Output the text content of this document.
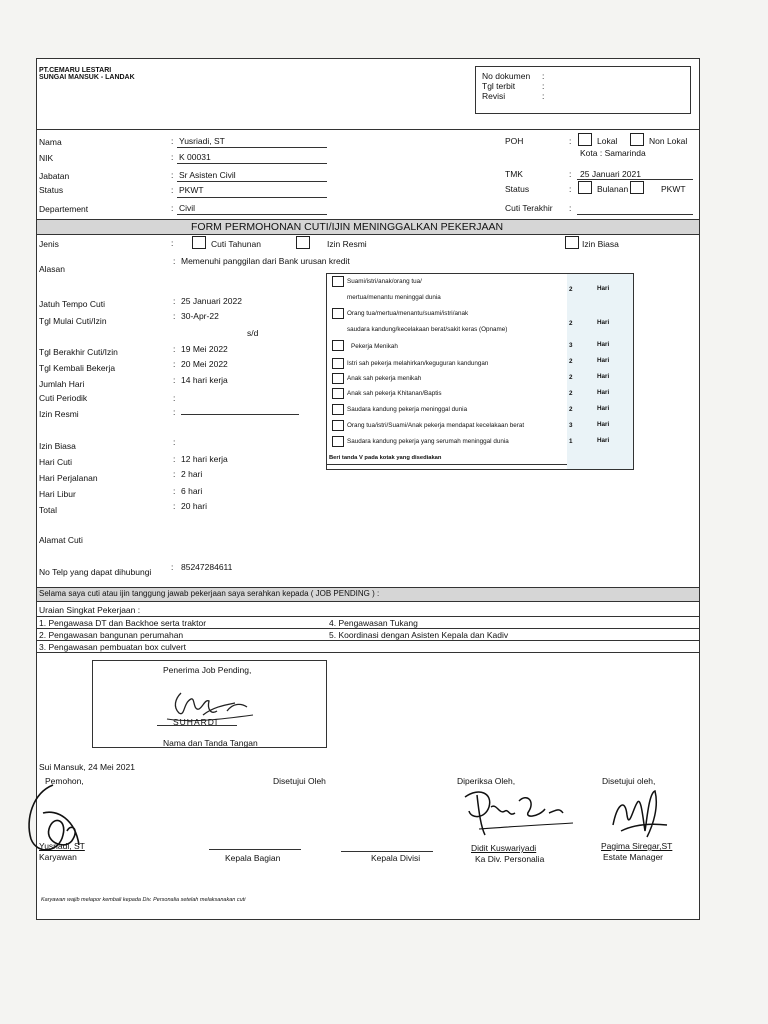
PT.CEMARU LESTARI
SUNGAI MANSUK - LANDAK	No dokumen :
Tgl terbit	:
Revisi	:
Nama	: Yusriadi, ST
NIK	: K 00031
Jabatan	: Sr Asisten Civil
Status	: PKWT
Departement	: Civil
POH	:	Lokal	Non Lokal
Kota : Samarinda
TMK	: 25 Januari 2021
Status	:	Bulanan	PKWT
Cuti Terakhir :
FORM PERMOHONAN CUTI/IJIN MENINGGALKAN PEKERJAAN
Jenis	:	Cuti Tahunan	Izin Resmi	Izin Biasa
Alasan
: Memenuhi panggilan dari Bank urusan kredit
Jatuh Tempo Cuti	: 25 Januari 2022
Tgl Mulai Cuti/Izin	: 30-Apr-22
s/d
Tgl Berakhir Cuti/Izin	: 19 Mei 2022
Tgl Kembali Bekerja	: 20 Mei 2022
Jumlah Hari	: 14 hari kerja
Cuti Periodik	:
Izin Resmi	:
Izin Biasa	:
Hari Cuti	: 12 hari kerja
Hari Perjalanan	: 2 hari
Hari Libur	: 6 hari
Total	: 20 hari
Alamat Cuti
No Telp yang dapat dihubungi : 85247284611
Suami/istri/anak/orang tua/
mertua/menantu meninggal dunia
2	Hari
Orang tua/mertua/menantu/suami/istri/anak
saudara kandung/kecelakaan berat/sakit keras (Opname)
2	Hari
Pekerja Menikah	3	Hari
Istri sah pekerja melahirkan/keguguran kandungan	2	Hari
Anak sah pekerja menikah	2	Hari
Anak sah pekerja Khitanan/Baptis	2	Hari
Saudara kandung pekerja meninggal dunia	2	Hari
Orang tua/istri/Suami/Anak pekerja mendapat kecelakaan berat	3	Hari
Saudara kandung pekerja yang serumah meninggal dunia	1	Hari
Beri tanda V pada kotak yang disediakan
Selama saya cuti atau ijin tanggung jawab pekerjaan saya serahkan kepada ( JOB PENDING ) :
Uraian Singkat Pekerjaan :
1. Pengawasa DT dan Backhoe serta traktor	4. Pengawasan Tukang
2. Pengawasan bangunan perumahan	5. Koordinasi dengan Asisten Kepala dan Kadiv
3. Pengawasan pembuatan box culvert
Penerima Job Pending,
SUHARDI
Nama dan Tanda Tangan
Sui Mansuk, 24 Mei 2021
Pemohon,	Disetujui Oleh	Diperiksa Oleh,	Disetujui oleh,
Yusriadi, ST
Karyawan	Kepala Bagian	Kepala Divisi
Didit Kuswariyadi
Ka Div. Personalia
Pagima Siregar,ST
Estate Manager
Karyawan wajib melapor kembali kepada Div. Personalia setelah melaksanakan cuti
